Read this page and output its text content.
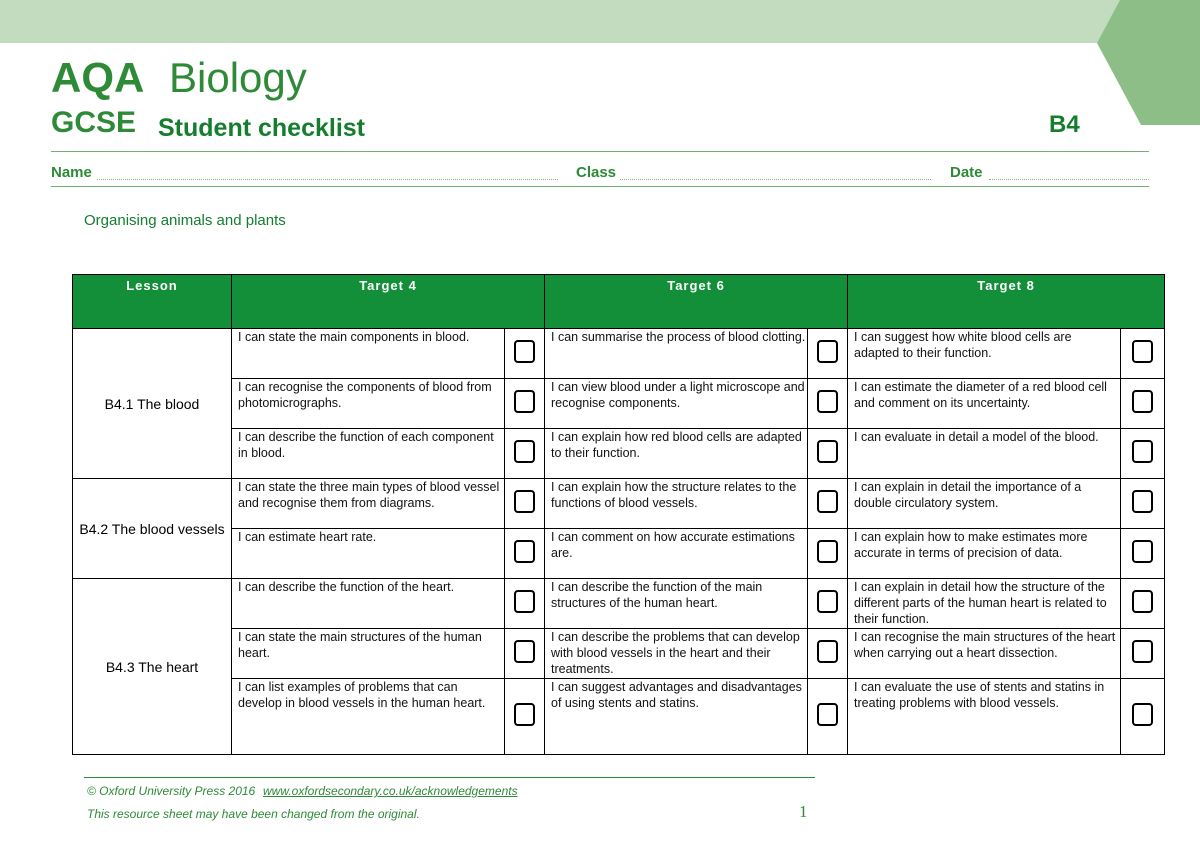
AQA Biology
GCSE Student checklist	B4
Name	Class	Date
Organising animals and plants
Lesson	Target 4		Target 6		Target 8	
B4.1 The blood	I can state the main components in blood.		I can summarise the process of blood clotting.		I can suggest how white blood cells are adapted to their function.	
	I can recognise the components of blood from photomicrographs.		I can view blood under a light microscope and recognise components.		I can estimate the diameter of a red blood cell and comment on its uncertainty.	
	I can describe the function of each component in blood.		I can explain how red blood cells are adapted to their function.		I can evaluate in detail a model of the blood.	
B4.2 The blood vessels	I can state the three main types of blood vessel and recognise them from diagrams.		I can explain how the structure relates to the functions of blood vessels.		I can explain in detail the importance of a double circulatory system.	
	I can estimate heart rate.		I can comment on how accurate estimations are.		I can explain how to make estimates more accurate in terms of precision of data.	
B4.3 The heart	I can describe the function of the heart.		I can describe the function of the main structures of the human heart.		I can explain in detail how the structure of the different parts of the human heart is related to their function.	
	I can state the main structures of the human heart.		I can describe the problems that can develop with blood vessels in the heart and their treatments.		I can recognise the main structures of the heart when carrying out a heart dissection.	
	I can list examples of problems that can develop in blood vessels in the human heart.		I can suggest advantages and disadvantages of using stents and statins.		I can evaluate the use of stents and statins in treating problems with blood vessels.	
© Oxford University Press 2016 www.oxfordsecondary.co.uk/acknowledgements
This resource sheet may have been changed from the original.	1
